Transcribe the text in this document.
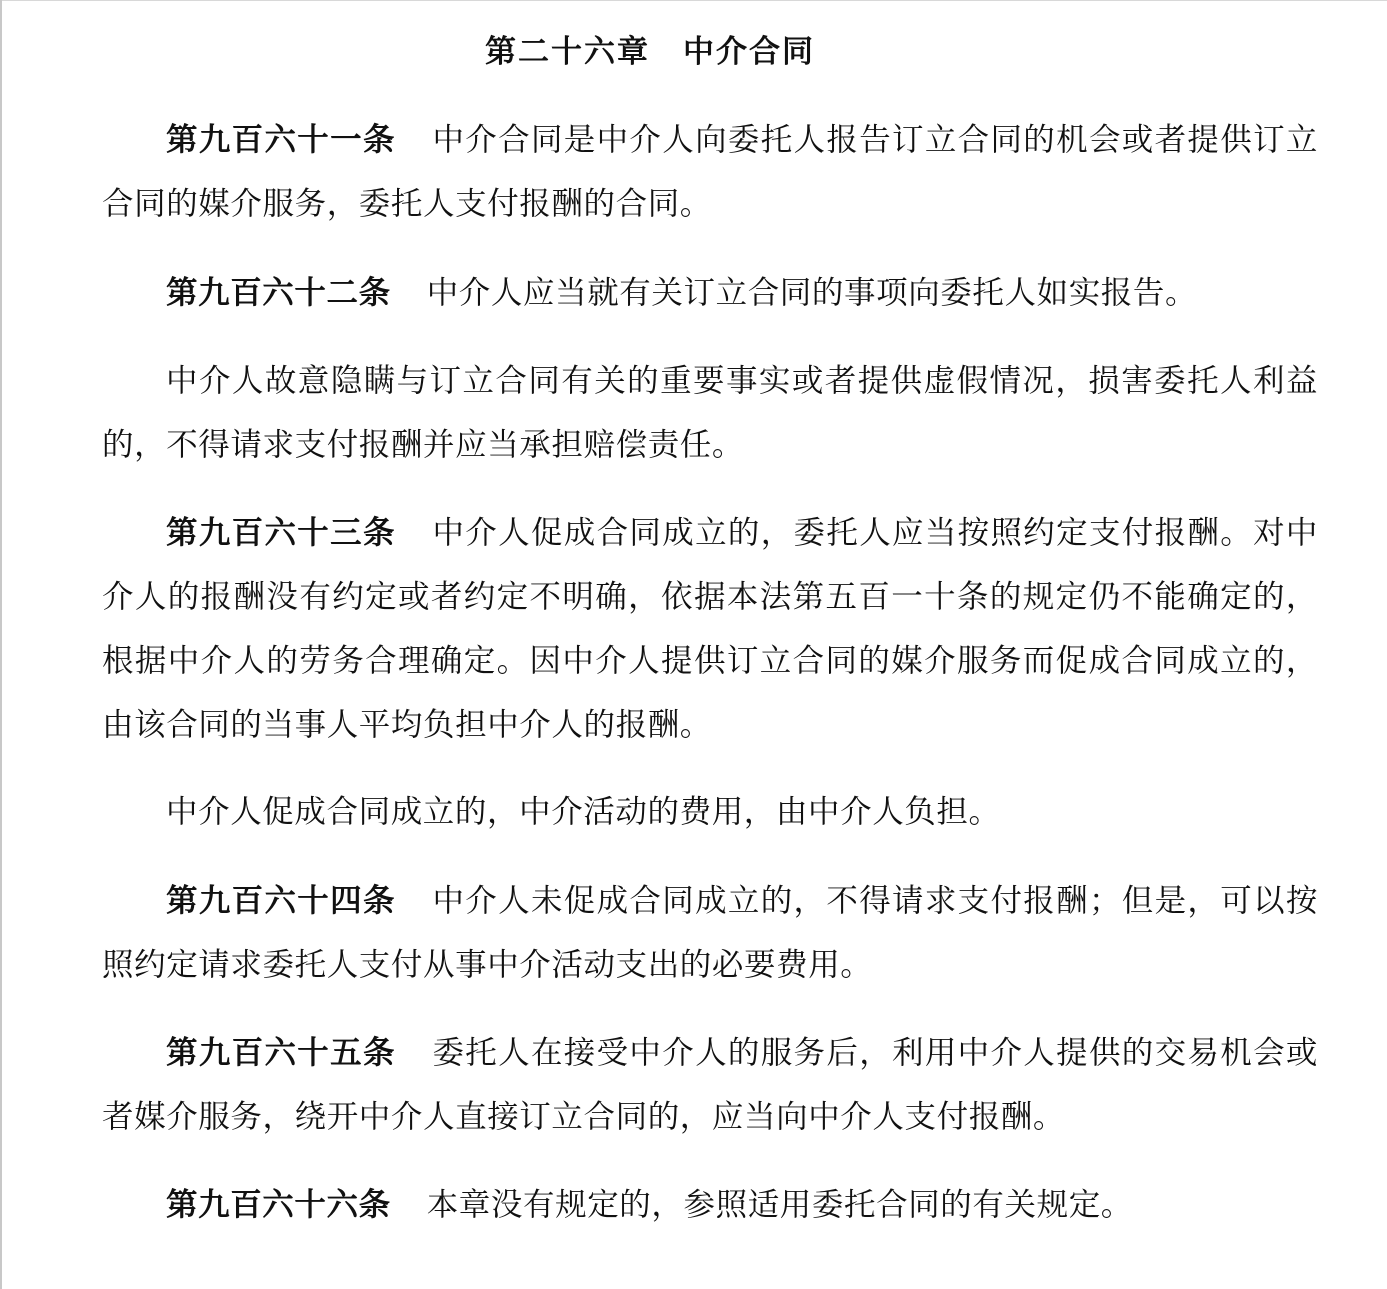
第二十六章　中介合同

第九百六十一条 中介合同是中介人向委托人报告订立合同的机会或者提供订立合同的媒介服务，委托人支付报酬的合同。

第九百六十二条 中介人应当就有关订立合同的事项向委托人如实报告。

中介人故意隐瞒与订立合同有关的重要事实或者提供虚假情况，损害委托人利益的，不得请求支付报酬并应当承担赔偿责任。

第九百六十三条 中介人促成合同成立的，委托人应当按照约定支付报酬。对中介人的报酬没有约定或者约定不明确，依据本法第五百一十条的规定仍不能确定的，根据中介人的劳务合理确定。因中介人提供订立合同的媒介服务而促成合同成立的，由该合同的当事人平均负担中介人的报酬。

中介人促成合同成立的，中介活动的费用，由中介人负担。

第九百六十四条 中介人未促成合同成立的，不得请求支付报酬；但是，可以按照约定请求委托人支付从事中介活动支出的必要费用。

第九百六十五条 委托人在接受中介人的服务后，利用中介人提供的交易机会或者媒介服务，绕开中介人直接订立合同的，应当向中介人支付报酬。

第九百六十六条 本章没有规定的，参照适用委托合同的有关规定。
